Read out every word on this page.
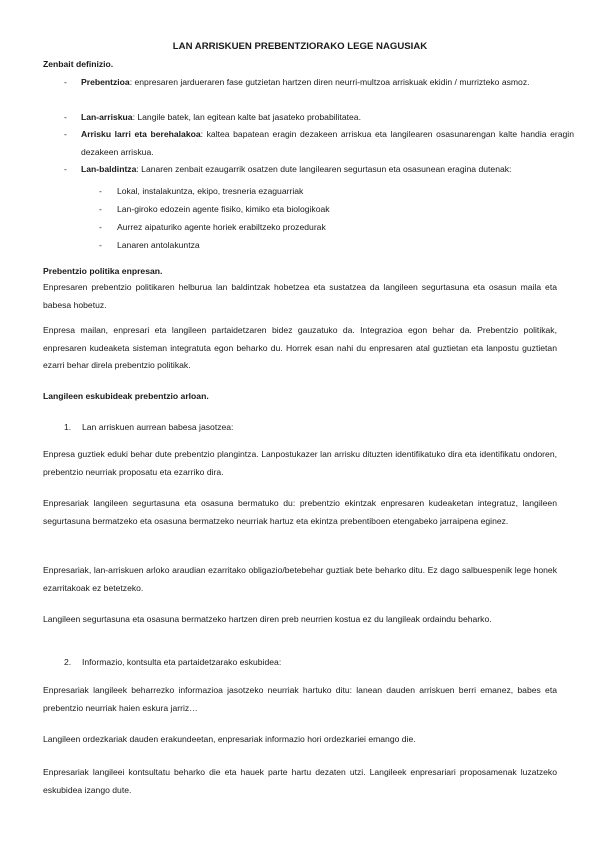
LAN ARRISKUEN PREBENTZIORAKO LEGE NAGUSIAK
Zenbait definizio.
- Prebentzioa: enpresaren jardueraren fase gutzietan hartzen diren neurri-multzoa arriskuak ekidin / murrizteko asmoz.
- Lan-arriskua: Langile batek, lan egitean kalte bat jasateko probabilitatea.
- Arrisku larri eta berehalakoa: kaltea bapatean eragin dezakeen arriskua eta langilearen osasunarengan kalte handia eragin dezakeen arriskua.
- Lan-baldintza: Lanaren zenbait ezaugarrik osatzen dute langilearen segurtasun eta osasunean eragina dutenak:
- Lokal, instalakuntza, ekipo, tresneria ezaguarriak
- Lan-giroko edozein agente fisiko, kimiko eta biologikoak
- Aurrez aipaturiko agente horiek erabiltzeko prozedurak
- Lanaren antolakuntza
Prebentzio politika enpresan.

Enpresaren prebentzio politikaren helburua lan baldintzak hobetzea eta sustatzea da langileen segurtasuna eta osasun maila eta babesa hobetuz.

Enpresa mailan, enpresari eta langileen partaidetzaren bidez gauzatuko da. Integrazioa egon behar da. Prebentzio politikak, enpresaren kudeaketa sisteman integratuta egon beharko du. Horrek esan nahi du enpresaren atal guztietan eta lanpostu guztietan ezarri behar direla prebentzio politikak.

Langileen eskubideak prebentzio arloan.
1. Lan arriskuen aurrean babesa jasotzea:

Enpresa guztiek eduki behar dute prebentzio plangintza. Lanpostukazer lan arrisku dituzten identifikatuko dira eta identifikatu ondoren, prebentzio neurriak proposatu eta ezarriko dira.

Enpresariak langileen segurtasuna eta osasuna bermatuko du: prebentzio ekintzak enpresaren kudeaketan integratuz, langileen segurtasuna bermatzeko eta osasuna bermatzeko neurriak hartuz eta ekintza prebentiboen etengabeko jarraipena eginez.

Enpresariak, lan-arriskuen arloko araudian ezarritako obligazio/betebehar guztiak bete beharko ditu. Ez dago salbuespenik lege honek ezarritakoak ez betetzeko.

Langileen segurtasuna eta osasuna bermatzeko hartzen diren preb neurrien kostua ez du langileak ordaindu beharko.

2. Informazio, kontsulta eta partaidetzarako eskubidea:

Enpresariak langileek beharrezko informazioa jasotzeko neurriak hartuko ditu: lanean dauden arriskuen berri emanez, babes eta prebentzio neurriak haien eskura jarriz…

Langileen ordezkariak dauden erakundeetan, enpresariak informazio hori ordezkariei emango die.

Enpresariak langileei kontsultatu beharko die eta hauek parte hartu dezaten utzi. Langileek enpresariari proposamenak luzatzeko eskubidea izango dute.
